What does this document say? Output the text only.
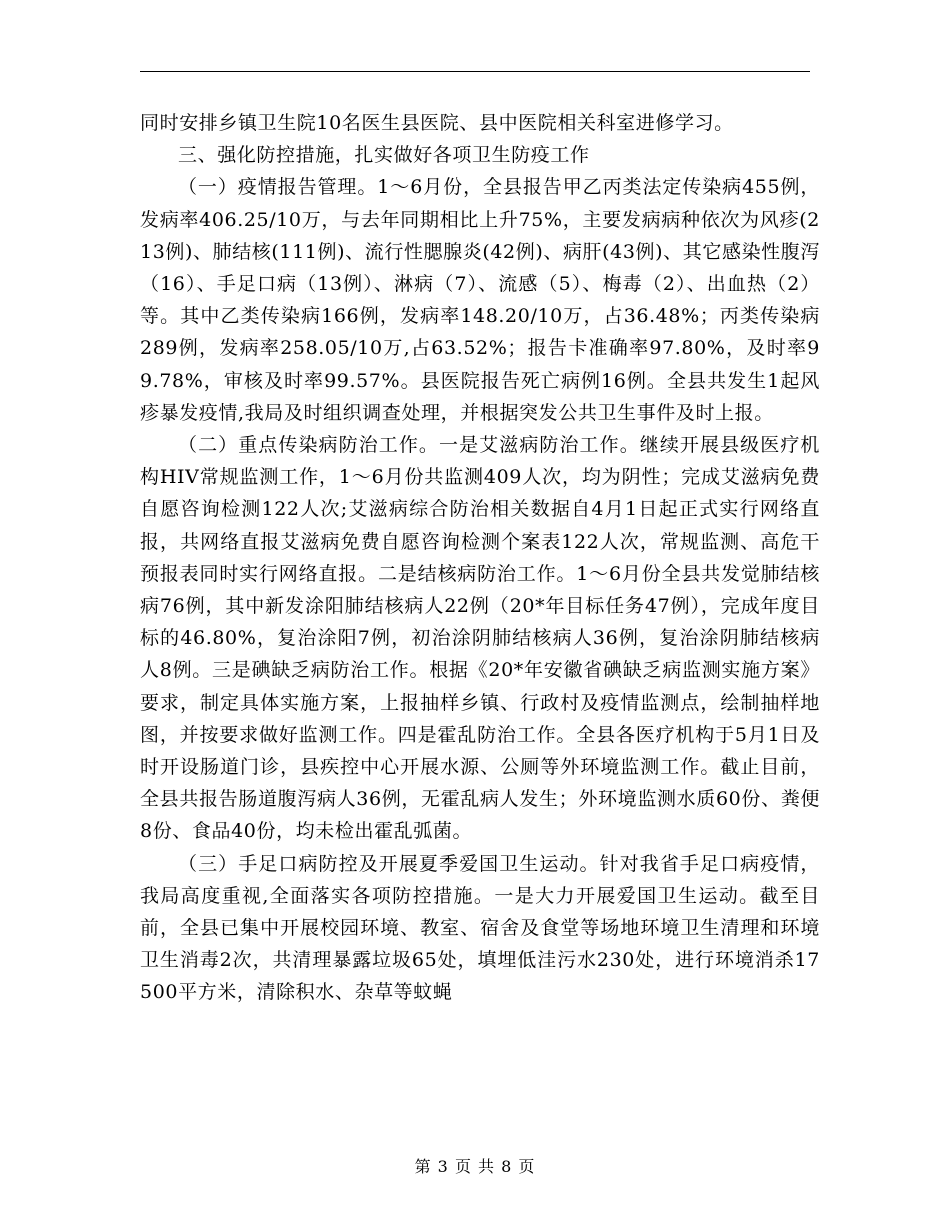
同时安排乡镇卫生院10名医生县医院、县中医院相关科室进修学习。

三、强化防控措施，扎实做好各项卫生防疫工作

（一）疫情报告管理。1～6月份，全县报告甲乙丙类法定传染病455例，发病率406.25/10万，与去年同期相比上升75%，主要发病病种依次为风疹(213例)、肺结核(111例)、流行性腮腺炎(42例)、病肝(43例)、其它感染性腹泻（16）、手足口病（13例）、淋病（7）、流感（5）、梅毒（2）、出血热（2）等。其中乙类传染病166例，发病率148.20/10万，占36.48%；丙类传染病289例，发病率258.05/10万,占63.52%；报告卡准确率97.80%，及时率99.78%，审核及时率99.57%。县医院报告死亡病例16例。全县共发生1起风疹暴发疫情,我局及时组织调查处理，并根据突发公共卫生事件及时上报。

（二）重点传染病防治工作。一是艾滋病防治工作。继续开展县级医疗机构HIV常规监测工作，1～6月份共监测409人次，均为阴性；完成艾滋病免费自愿咨询检测122人次;艾滋病综合防治相关数据自4月1日起正式实行网络直报，共网络直报艾滋病免费自愿咨询检测个案表122人次，常规监测、高危干预报表同时实行网络直报。二是结核病防治工作。1～6月份全县共发觉肺结核病76例，其中新发涂阳肺结核病人22例（20*年目标任务47例），完成年度目标的46.80%，复治涂阳7例，初治涂阴肺结核病人36例，复治涂阴肺结核病人8例。三是碘缺乏病防治工作。根据《20*年安徽省碘缺乏病监测实施方案》要求，制定具体实施方案，上报抽样乡镇、行政村及疫情监测点，绘制抽样地图，并按要求做好监测工作。四是霍乱防治工作。全县各医疗机构于5月1日及时开设肠道门诊，县疾控中心开展水源、公厕等外环境监测工作。截止目前，全县共报告肠道腹泻病人36例，无霍乱病人发生；外环境监测水质60份、粪便8份、食品40份，均未检出霍乱弧菌。

（三）手足口病防控及开展夏季爱国卫生运动。针对我省手足口病疫情，我局高度重视,全面落实各项防控措施。一是大力开展爱国卫生运动。截至目前，全县已集中开展校园环境、教室、宿舍及食堂等场地环境卫生清理和环境卫生消毒2次，共清理暴露垃圾65处，填埋低洼污水230处，进行环境消杀17500平方米，清除积水、杂草等蚊蝇

第 3 页 共 8 页
